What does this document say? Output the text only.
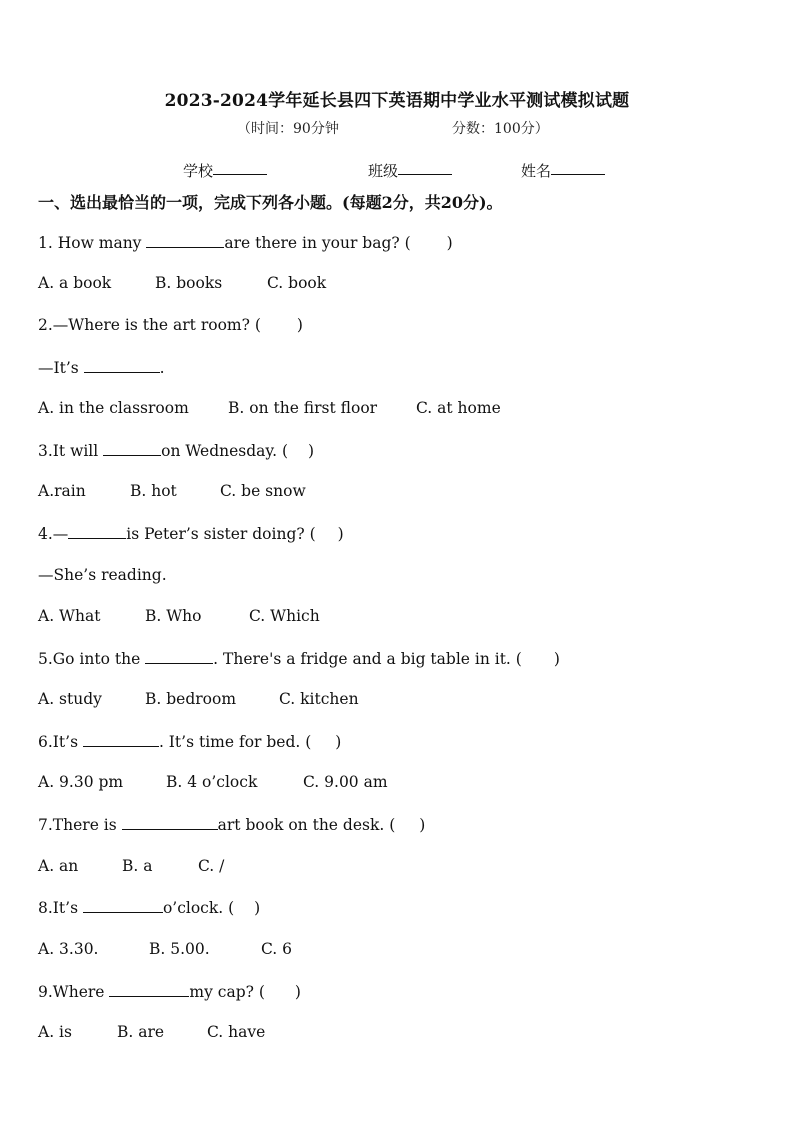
2023-2024学年延长县四下英语期中学业水平测试模拟试题
（时间：90分钟	分数：100分）
学校	班级	姓名
一、选出最恰当的一项，完成下列各小题。(每题2分，共20分)。
1. How many	are there in your bag? ( )
A. a book	B. books	C. book
2.—Where is the art room? ( )
—It’s	.
A. in the classroom	B. on the first floor	C. at home
3.It will	on Wednesday. ( )
A.rain	B. hot	C. be snow
4.—	is Peter’s sister doing? ( )
—She’s reading.
A. What	B. Who	C. Which
5.Go into the	. There's a fridge and a big table in it. ( )
A. study	B. bedroom	C. kitchen
6.It’s	. It’s time for bed. ( )
A. 9.30 pm	B. 4 o’clock	C. 9.00 am
7.There is	art book on the desk. ( )
A. an	B. a	C. /
8.It’s	o’clock. ( )
A. 3.30.	B. 5.00.	C. 6
9.Where	my cap? ( )
A. is	B. are	C. have
